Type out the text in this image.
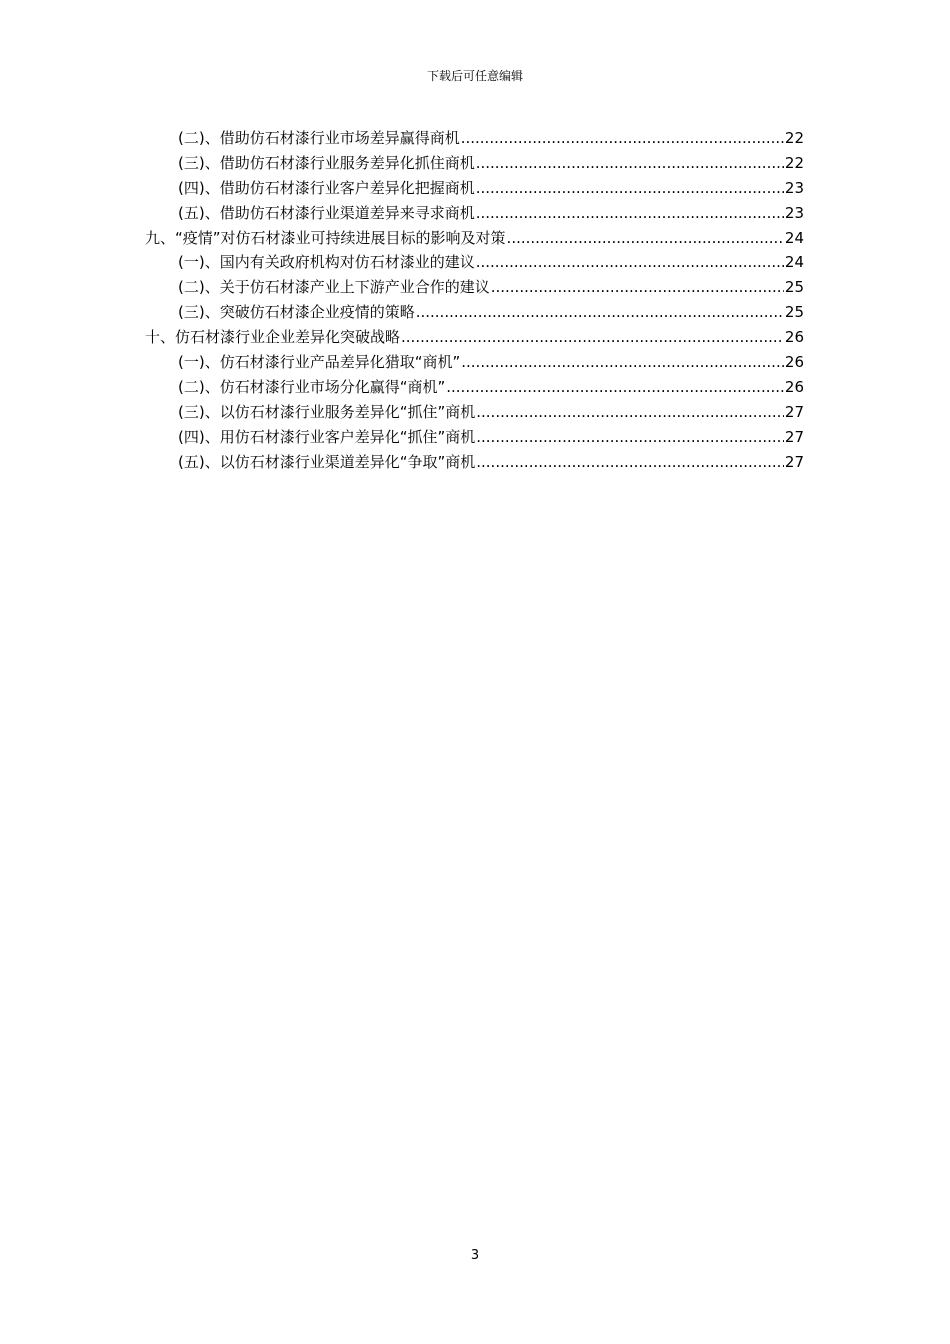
下载后可任意编辑
(二)、借助仿石材漆行业市场差异赢得商机 .....	22
(三)、借助仿石材漆行业服务差异化抓住商机 .....	22
(四)、借助仿石材漆行业客户差异化把握商机 .....	23
(五)、借助仿石材漆行业渠道差异来寻求商机 .....	23
九、“疫情”对仿石材漆业可持续进展目标的影响及对策 .....	24
(一)、国内有关政府机构对仿石材漆业的建议 .....	24
(二)、关于仿石材漆产业上下游产业合作的建议 .....	25
(三)、突破仿石材漆企业疫情的策略 .....	25
十、仿石材漆行业企业差异化突破战略 .....	26
(一)、仿石材漆行业产品差异化猎取“商机” .....	26
(二)、仿石材漆行业市场分化赢得“商机” .....	26
(三)、以仿石材漆行业服务差异化“抓住”商机 .....	27
(四)、用仿石材漆行业客户差异化“抓住”商机 .....	27
(五)、以仿石材漆行业渠道差异化“争取”商机 .....	27
3
